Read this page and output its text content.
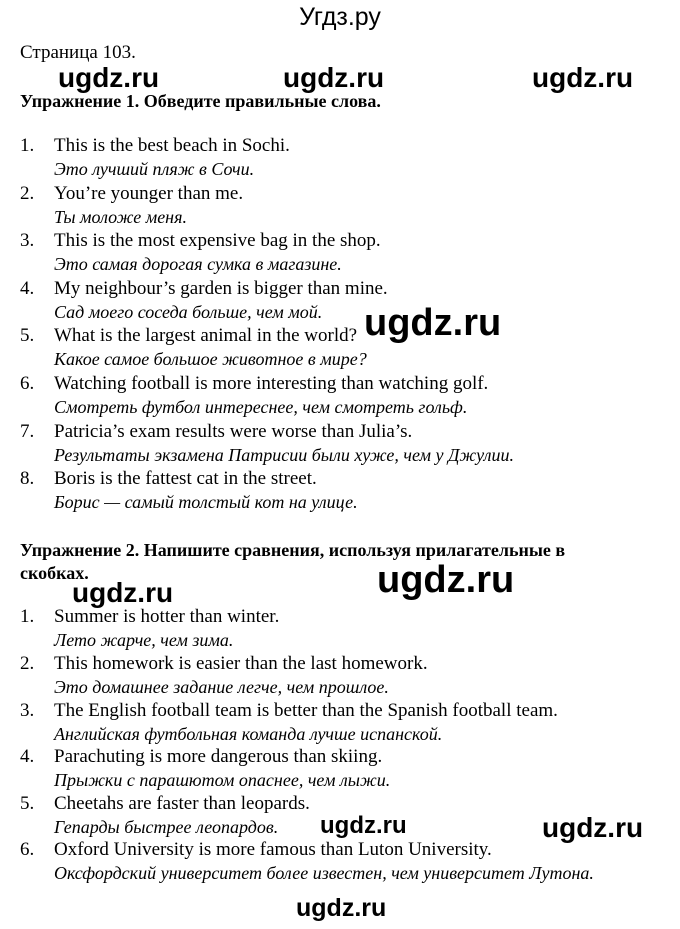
Угдз.ру
Страница 103.
Упражнение 1. Обведите правильные слова.
1.	This is the best beach in Sochi.
Это лучший пляж в Сочи.
2.	You’re younger than me.
Ты моложе меня.
3.	This is the most expensive bag in the shop.
Это самая дорогая сумка в магазине.
4.	My neighbour’s garden is bigger than mine.
Сад моего соседа больше, чем мой.
5.	What is the largest animal in the world?
Какое самое большое животное в мире?
6.	Watching football is more interesting than watching golf.
Смотреть футбол интереснее, чем смотреть гольф.
7.	Patricia’s exam results were worse than Julia’s.
Результаты экзамена Патрисии были хуже, чем у Джулии.
8.	Boris is the fattest cat in the street.
Борис — самый толстый кот на улице.
Упражнение 2. Напишите сравнения, используя прилагательные в
скобках.
1.	Summer is hotter than winter.
Лето жарче, чем зима.
2.	This homework is easier than the last homework.
Это домашнее задание легче, чем прошлое.
3.	The English football team is better than the Spanish football team.
Английская футбольная команда лучше испанской.
4.	Parachuting is more dangerous than skiing.
Прыжки с парашютом опаснее, чем лыжи.
5.	Cheetahs are faster than leopards.
Гепарды быстрее леопардов.
6.	Oxford University is more famous than Luton University.
Оксфордский университет более известен, чем университет Лутона.
ugdz.ru	ugdz.ru	ugdz.ru
ugdz.ru
ugdz.ru
ugdz.ru
ugdz.ru	ugdz.ru
ugdz.ru
